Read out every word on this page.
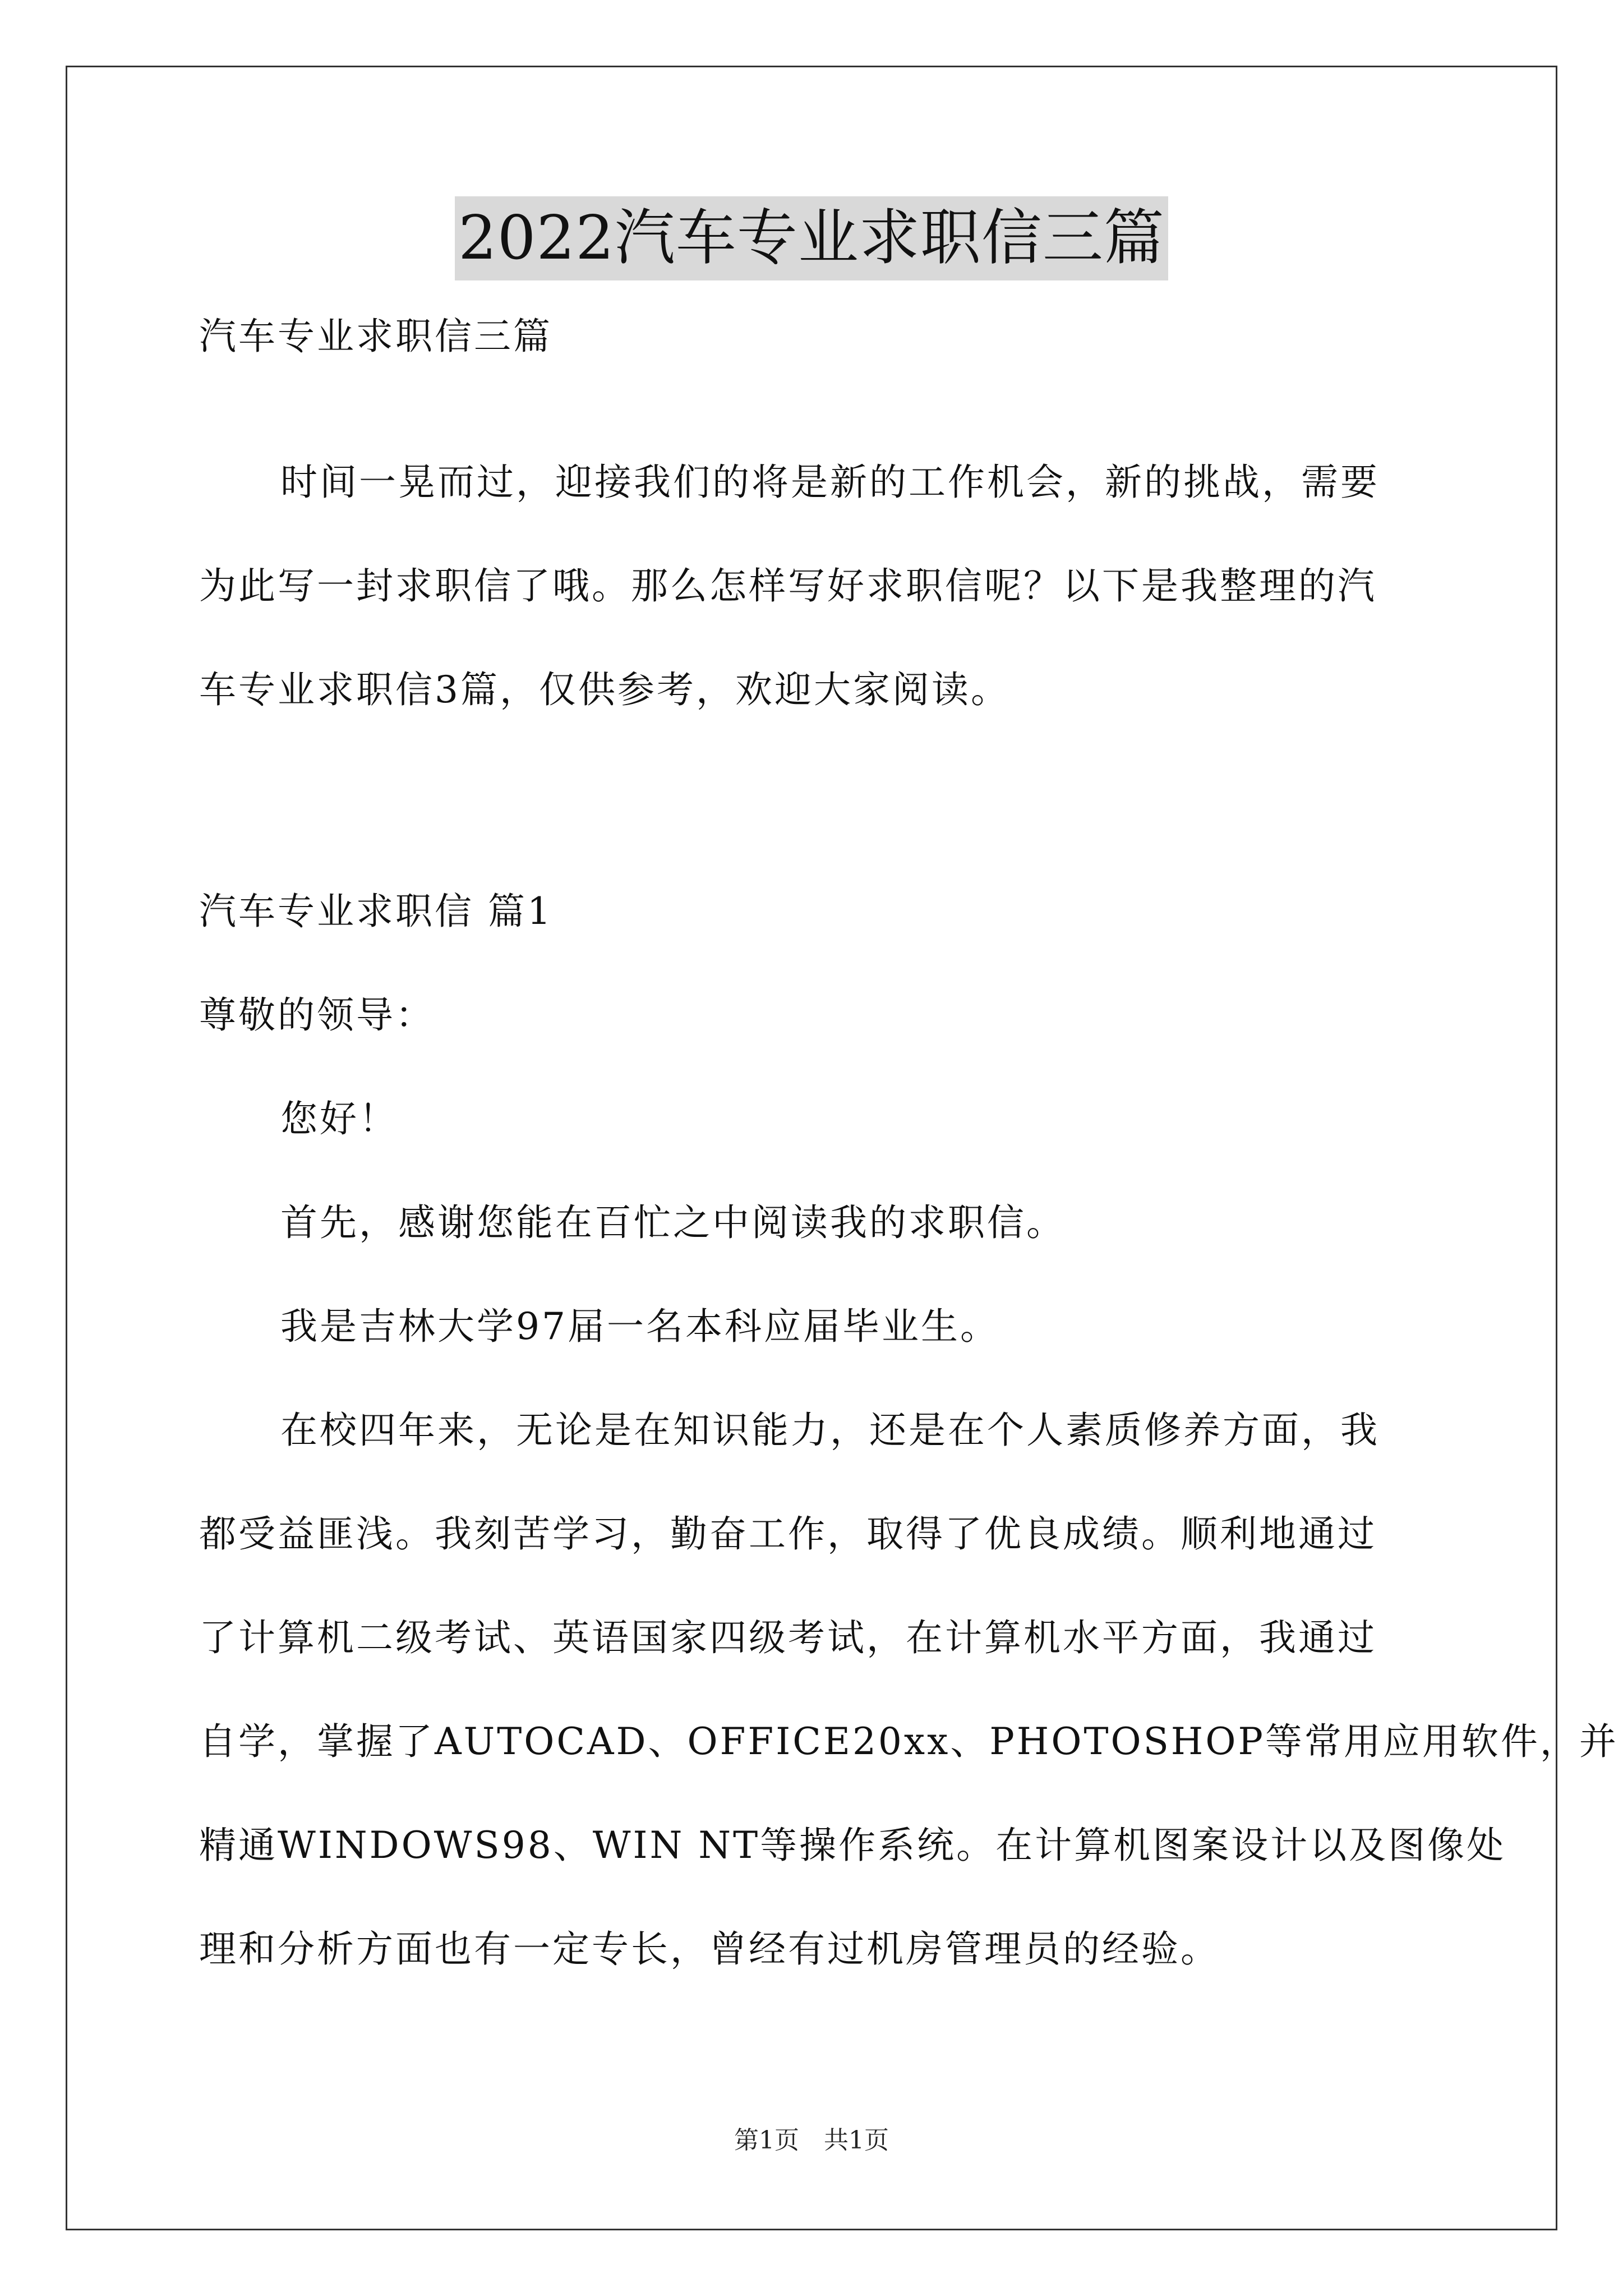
2022汽车专业求职信三篇
汽车专业求职信三篇
时间一晃而过，迎接我们的将是新的工作机会，新的挑战，需要
为此写一封求职信了哦。那么怎样写好求职信呢？以下是我整理的汽
车专业求职信3篇，仅供参考，欢迎大家阅读。
汽车专业求职信 篇1
尊敬的领导：
您好！
首先，感谢您能在百忙之中阅读我的求职信。
我是吉林大学97届一名本科应届毕业生。
在校四年来，无论是在知识能力，还是在个人素质修养方面，我
都受益匪浅。我刻苦学习，勤奋工作，取得了优良成绩。顺利地通过
了计算机二级考试、英语国家四级考试，在计算机水平方面，我通过
自学，掌握了AUTOCAD、OFFICE20xx、PHOTOSHOP等常用应用软件，并
精通WINDOWS98、WIN NT等操作系统。在计算机图案设计以及图像处
理和分析方面也有一定专长，曾经有过机房管理员的经验。
第1页　共1页
